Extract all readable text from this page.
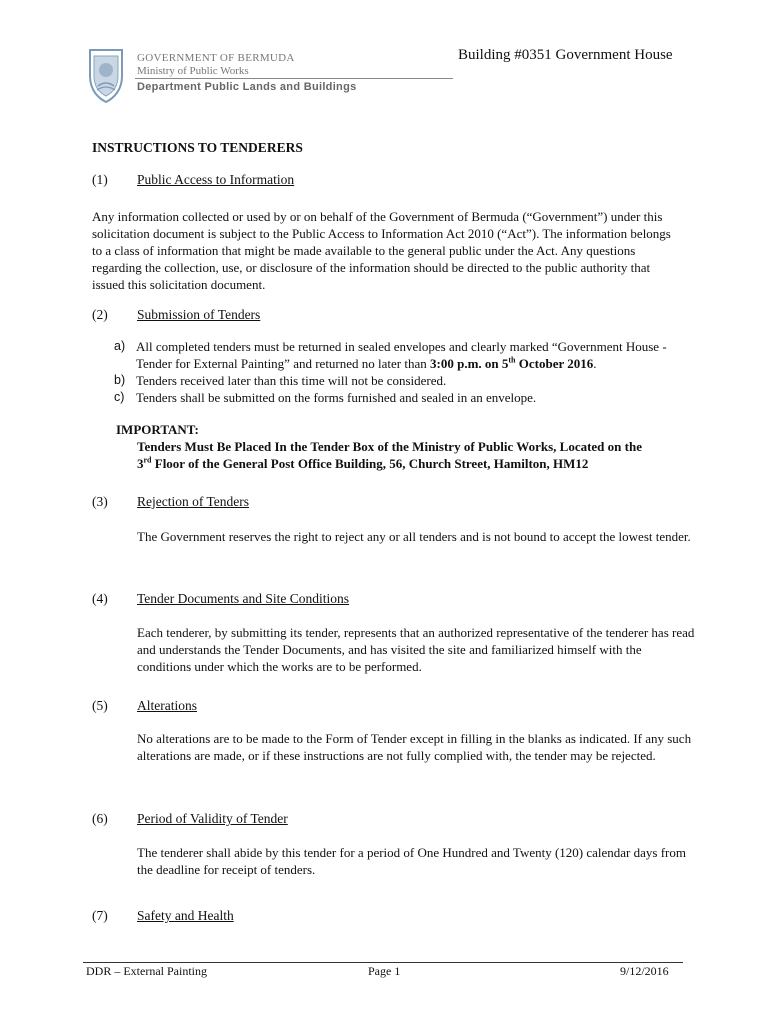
GOVERNMENT OF BERMUDA
Ministry of Public Works
Department Public Lands and Buildings
Building #0351 Government House
INSTRUCTIONS TO TENDERERS
(1) Public Access to Information
Any information collected or used by or on behalf of the Government of Bermuda (“Government”) under this solicitation document is subject to the Public Access to Information Act 2010 (“Act”). The information belongs to a class of information that might be made available to the general public under the Act. Any questions regarding the collection, use, or disclosure of the information should be directed to the public authority that issued this solicitation document.
(2) Submission of Tenders
a) All completed tenders must be returned in sealed envelopes and clearly marked “Government House - Tender for External Painting” and returned no later than 3:00 p.m. on 5th October 2016.
b) Tenders received later than this time will not be considered.
c) Tenders shall be submitted on the forms furnished and sealed in an envelope.
IMPORTANT:
Tenders Must Be Placed In the Tender Box of the Ministry of Public Works, Located on the
3rd Floor of the General Post Office Building, 56, Church Street, Hamilton, HM12
(3) Rejection of Tenders
The Government reserves the right to reject any or all tenders and is not bound to accept the lowest tender.
(4) Tender Documents and Site Conditions
Each tenderer, by submitting its tender, represents that an authorized representative of the tenderer has read and understands the Tender Documents, and has visited the site and familiarized himself with the conditions under which the works are to be performed.
(5) Alterations
No alterations are to be made to the Form of Tender except in filling in the blanks as indicated. If any such alterations are made, or if these instructions are not fully complied with, the tender may be rejected.
(6) Period of Validity of Tender
The tenderer shall abide by this tender for a period of One Hundred and Twenty (120) calendar days from the deadline for receipt of tenders.
(7) Safety and Health
DDR – External Painting	Page 1	9/12/2016
